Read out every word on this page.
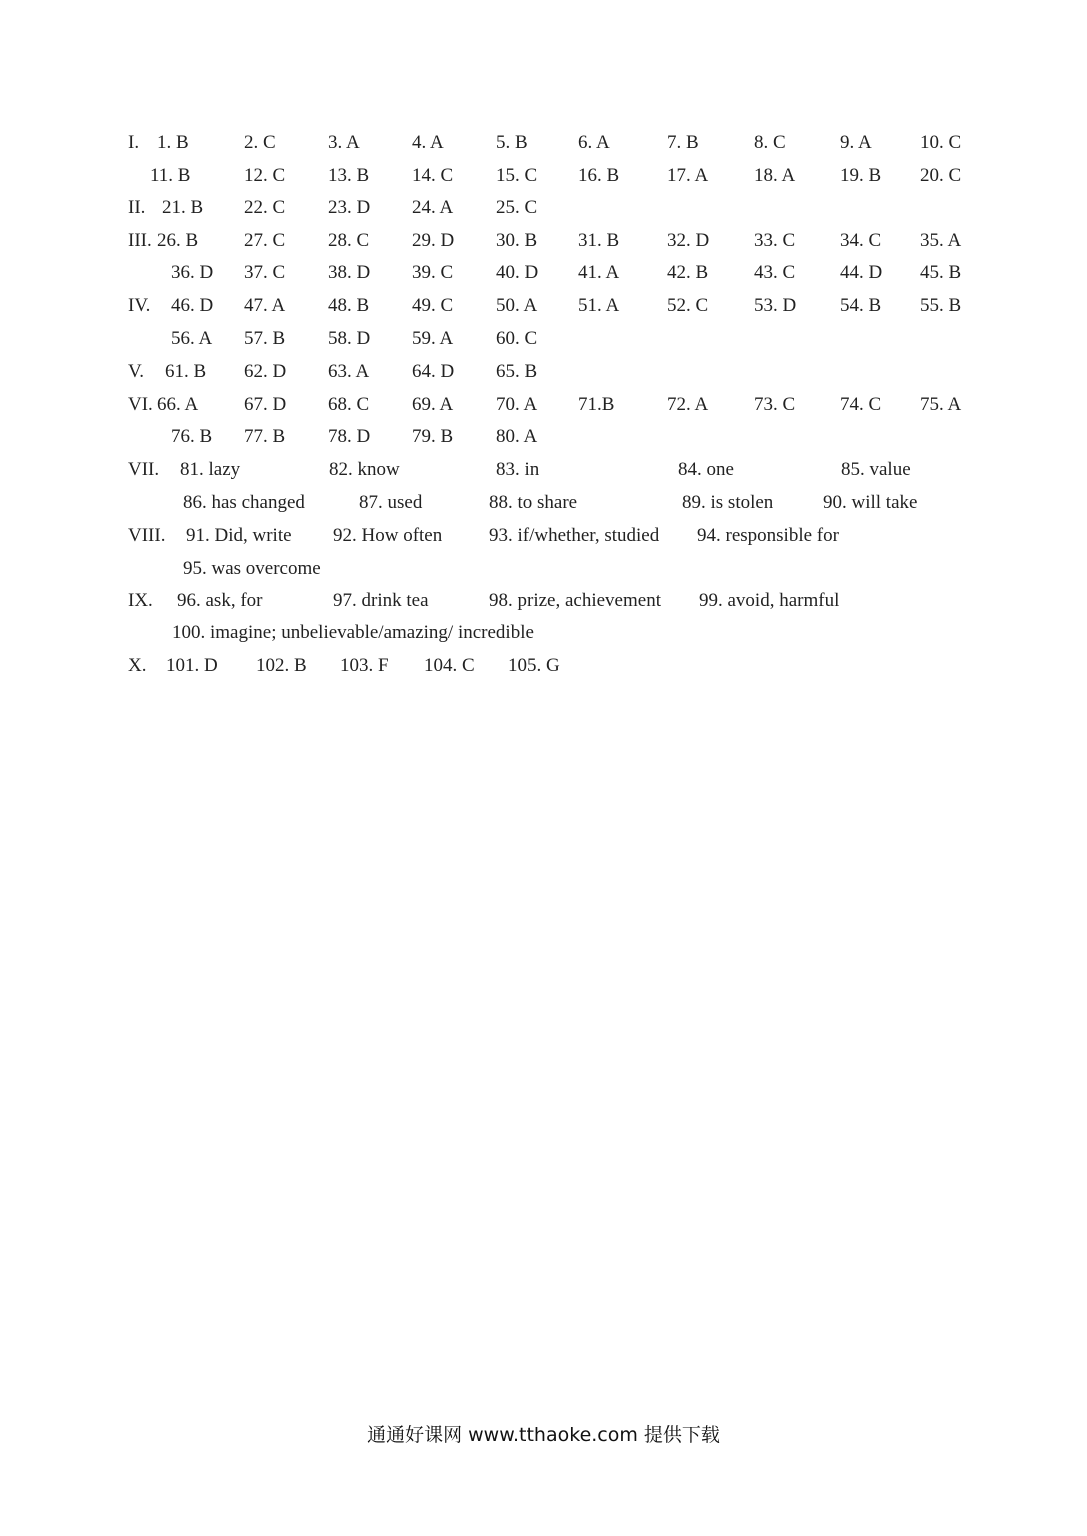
I. 1. B	2. C	3. A	4. A	5. B	6. A	7. B	8. C	9. A	10. C
11. B	12. C 13. B 14. C 15. C 16. B	17. A 18. A 19. B 20. C
II. 21. B 22. C 23. D 24. A 25. C
III. 26. B 27. C 28. C 29. D 30. B 31. B	32. D 33. C 34. C 35. A
36. D 37. C 38. D 39. C 40. D 41. A	42. B 43. C 44. D 45. B
IV. 46. D 47. A 48. B 49. C 50. A 51. A	52. C 53. D 54. B 55. B
56. A 57. B 58. D 59. A 60. C
V. 61. B 62. D 63. A 64. D 65. B
VI. 66. A 67. D 68. C 69. A 70. A 71.B	72. A 73. C 74. C 75. A
76. B 77. B 78. D 79. B 80. A
VII. 81. lazy	82. know	83. in	84. one	85. value
86. has changed	87. used	88. to share	89. is stolen	90. will take
VIII. 91. Did, write 92. How often 93. if/whether, studied 94. responsible for
95. was overcome
IX. 96. ask, for	97. drink tea	98. prize, achievement 99. avoid, harmful
100. imagine; unbelievable/amazing/ incredible
X. 101. D 102. B 103. F 104. C 105. G
通通好课网 www.tthaoke.com 提供下载
